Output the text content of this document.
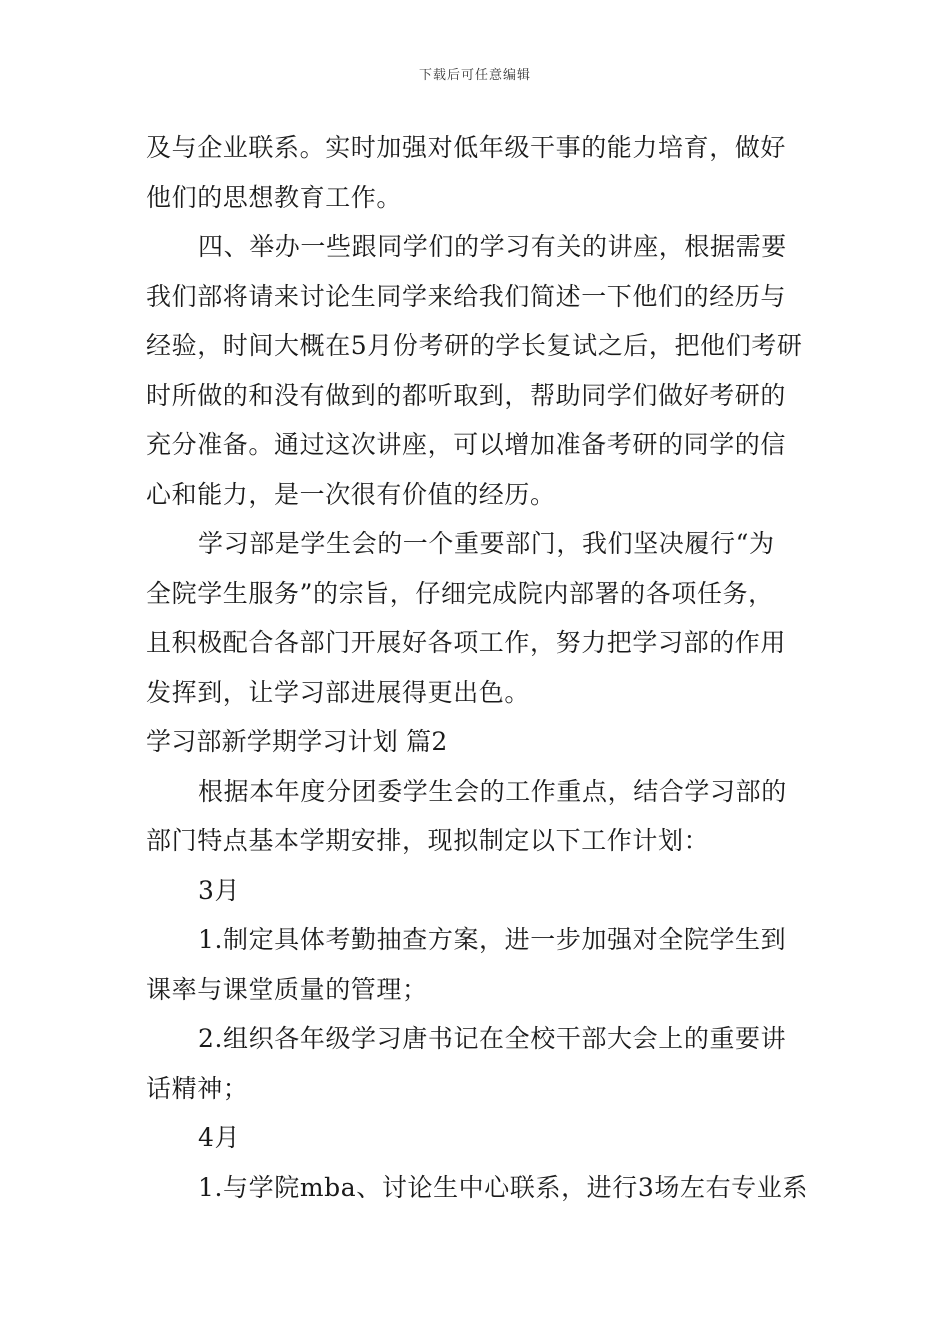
下载后可任意编辑
及与企业联系。实时加强对低年级干事的能力培育，做好
他们的思想教育工作。
四、举办一些跟同学们的学习有关的讲座，根据需要
我们部将请来讨论生同学来给我们简述一下他们的经历与
经验，时间大概在5月份考研的学长复试之后，把他们考研
时所做的和没有做到的都听取到，帮助同学们做好考研的
充分准备。通过这次讲座，可以增加准备考研的同学的信
心和能力，是一次很有价值的经历。
学习部是学生会的一个重要部门，我们坚决履行“为
全院学生服务”的宗旨，仔细完成院内部署的各项任务，
且积极配合各部门开展好各项工作，努力把学习部的作用
发挥到，让学习部进展得更出色。
学习部新学期学习计划 篇2
根据本年度分团委学生会的工作重点，结合学习部的
部门特点基本学期安排，现拟制定以下工作计划：
3月
1.制定具体考勤抽查方案，进一步加强对全院学生到
课率与课堂质量的管理；
2.组织各年级学习唐书记在全校干部大会上的重要讲
话精神；
4月
1.与学院mba、讨论生中心联系，进行3场左右专业系
